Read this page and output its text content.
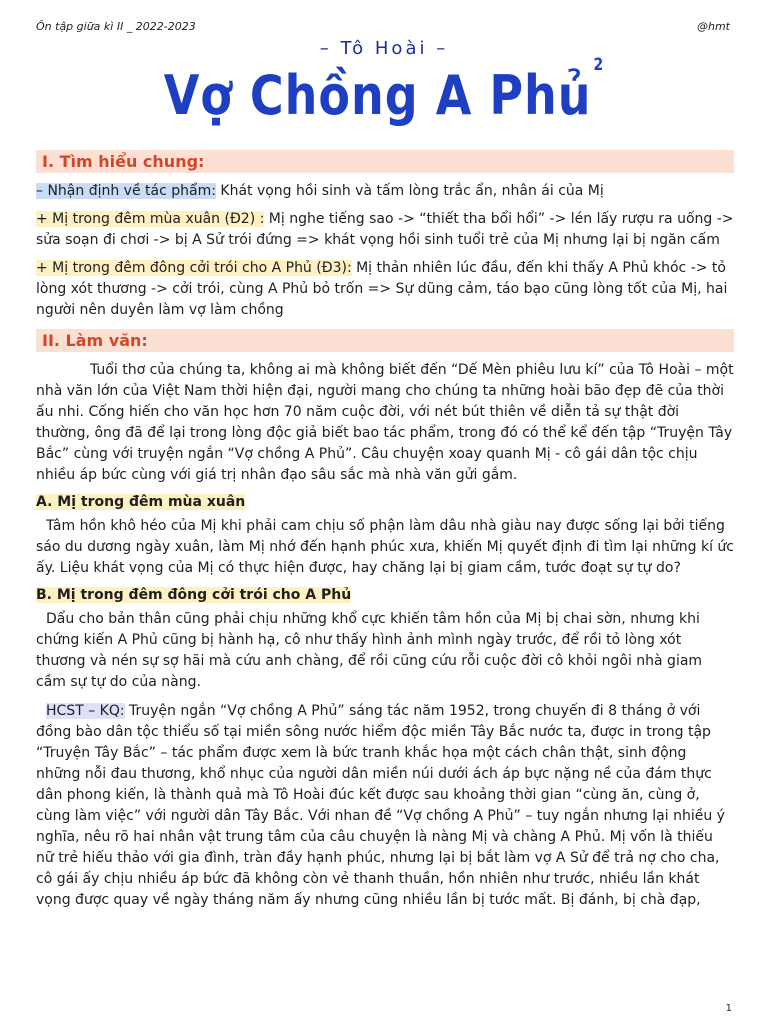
Ôn tập giữa kì II _ 2022-2023	@hmt
– Tô Hoài –
Vợ Chồng A Phủ $^2$
I. Tìm hiểu chung:

– Nhận định về tác phẩm: Khát vọng hồi sinh và tấm lòng trắc ẩn, nhân ái của Mị

+ Mị trong đêm mùa xuân (Đ2) : Mị nghe tiếng sao -> “thiết tha bổi hổi” -> lén lấy rượu ra uống -> sửa soạn đi chơi -> bị A Sử trói đứng => khát vọng hồi sinh tuổi trẻ của Mị nhưng lại bị ngăn cấm

+ Mị trong đêm đông cởi trói cho A Phủ (Đ3): Mị thản nhiên lúc đầu, đến khi thấy A Phủ khóc -> tỏ lòng xót thương -> cởi trói, cùng A Phủ bỏ trốn => Sự dũng cảm, táo bạo cũng lòng tốt của Mị, hai người nên duyên làm vợ làm chồng

II. Làm văn:

Tuổi thơ của chúng ta, không ai mà không biết đến “Dế Mèn phiêu lưu kí” của Tô Hoài – một nhà văn lớn của Việt Nam thời hiện đại, người mang cho chúng ta những hoài bão đẹp đẽ của thời ấu nhi. Cống hiến cho văn học hơn 70 năm cuộc đời, với nét bút thiên về diễn tả sự thật đời thường, ông đã để lại trong lòng độc giả biết bao tác phẩm, trong đó có thể kể đến tập “Truyện Tây Bắc” cùng với truyện ngắn “Vợ chồng A Phủ”. Câu chuyện xoay quanh Mị - cô gái dân tộc chịu nhiều áp bức cùng với giá trị nhân đạo sâu sắc mà nhà văn gửi gắm.

A. Mị trong đêm mùa xuân

Tâm hồn khô héo của Mị khi phải cam chịu số phận làm dâu nhà giàu nay được sống lại bởi tiếng sáo du dương ngày xuân, làm Mị nhớ đến hạnh phúc xưa, khiến Mị quyết định đi tìm lại những kí ức ấy. Liệu khát vọng của Mị có thực hiện được, hay chăng lại bị giam cầm, tước đoạt sự tự do?

B. Mị trong đêm đông cởi trói cho A Phủ

Dẩu cho bản thân cũng phải chịu những khổ cực khiến tâm hồn của Mị bị chai sờn, nhưng khi chứng kiến A Phủ cũng bị hành hạ, cô như thấy hình ảnh mình ngày trước, để rồi tỏ lòng xót thương và nén sự sợ hãi mà cứu anh chàng, để rồi cũng cứu rỗi cuộc đời cô khỏi ngôi nhà giam cầm sự tự do của nàng.

HCST – KQ: Truyện ngắn “Vợ chồng A Phủ” sáng tác năm 1952, trong chuyến đi 8 tháng ở với đồng bào dân tộc thiểu số tại miền sông nước hiểm độc miền Tây Bắc nước ta, được in trong tập “Truyện Tây Bắc” – tác phẩm được xem là bức tranh khắc họa một cách chân thật, sinh động những nỗi đau thương, khổ nhục của người dân miền núi dưới ách áp bực nặng nề của đám thực dân phong kiến, là thành quả mà Tô Hoài đúc kết được sau khoảng thời gian “cùng ăn, cùng ở, cùng làm việc” với người dân Tây Bắc. Với nhan đề “Vợ chồng A Phủ” – tuy ngắn nhưng lại nhiều ý nghĩa, nêu rõ hai nhân vật trung tâm của câu chuyện là nàng Mị và chàng A Phủ. Mị vốn là thiếu nữ trẻ hiếu thảo với gia đình, tràn đầy hạnh phúc, nhưng lại bị bắt làm vợ A Sử để trả nợ cho cha, cô gái ấy chịu nhiều áp bức đã không còn vẻ thanh thuần, hồn nhiên như trước, nhiều lần khát vọng được quay về ngày tháng năm ấy nhưng cũng nhiều lần bị tước mất. Bị đánh, bị chà đạp,

1
